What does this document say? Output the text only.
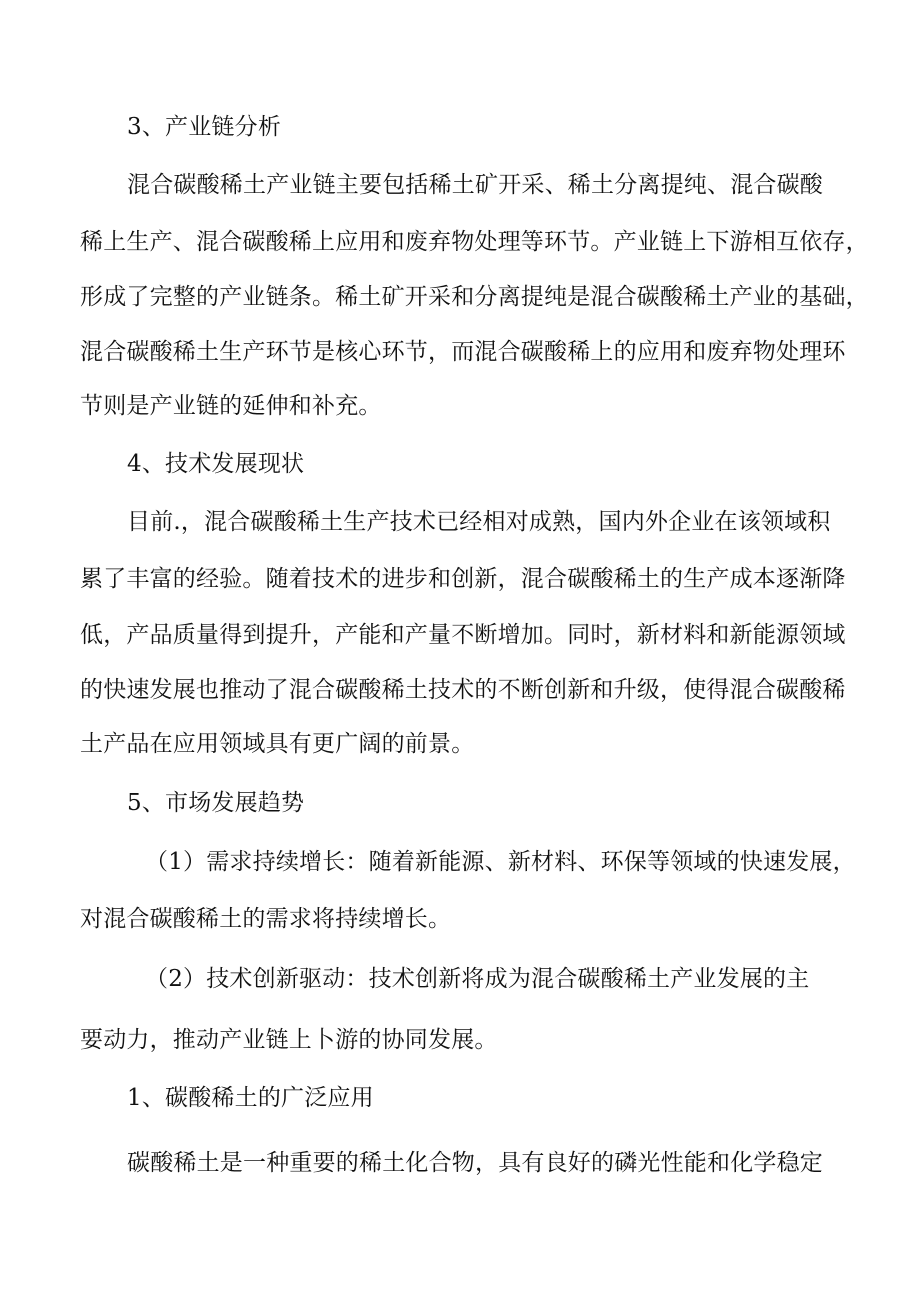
3、产业链分析
混合碳酸稀土产业链主要包括稀土矿开采、稀土分离提纯、混合碳酸
稀上生产、混合碳酸稀上应用和废弃物处理等环节。产业链上下游相互依存，
形成了完整的产业链条。稀土矿开采和分离提纯是混合碳酸稀土产业的基础，
混合碳酸稀土生产环节是核心环节，而混合碳酸稀上的应用和废弃物处理环
节则是产业链的延伸和补充。
4、技术发展现状
目前.，混合碳酸稀土生产技术已经相对成熟，国内外企业在该领域积
累了丰富的经验。随着技术的进步和创新，混合碳酸稀土的生产成本逐渐降
低，产品质量得到提升，产能和产量不断增加。同时，新材料和新能源领域
的快速发展也推动了混合碳酸稀土技术的不断创新和升级，使得混合碳酸稀
土产品在应用领域具有更广阔的前景。
5、市场发展趋势
（1）需求持续增长：随着新能源、新材料、环保等领域的快速发展，
对混合碳酸稀土的需求将持续增长。
（2）技术创新驱动：技术创新将成为混合碳酸稀土产业发展的主
要动力，推动产业链上卜游的协同发展。
1、碳酸稀土的广泛应用
碳酸稀土是一种重要的稀土化合物，具有良好的磷光性能和化学稳定
